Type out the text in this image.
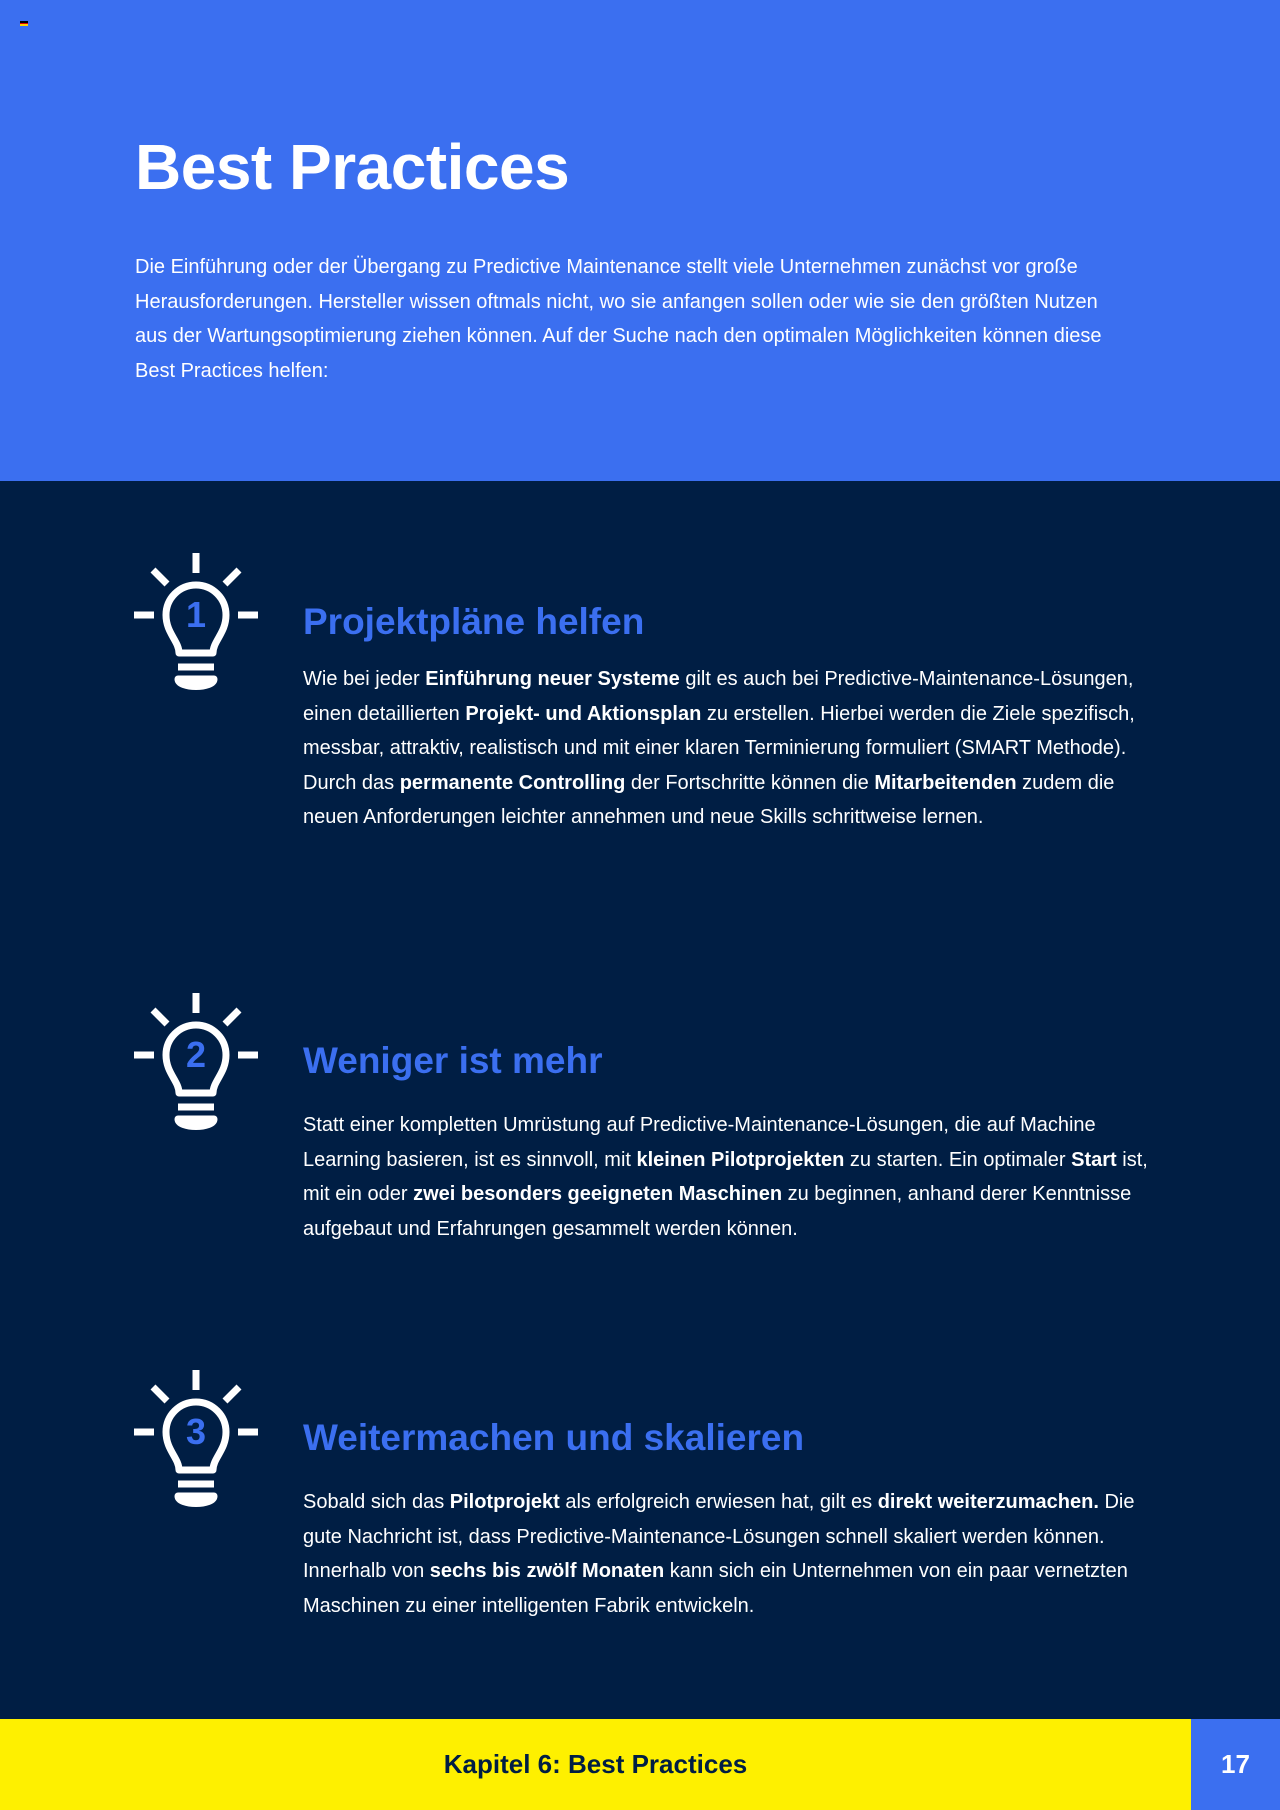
Best Practices

Die Einführung oder der Übergang zu Predictive Maintenance stellt viele Unternehmen zunächst vor große Herausforderungen. Hersteller wissen oftmals nicht, wo sie anfangen sollen oder wie sie den größten Nutzen aus der Wartungsoptimierung ziehen können. Auf der Suche nach den optimalen Möglichkeiten können diese Best Practices helfen:

1	Projektpläne helfen

Wie bei jeder Einführung neuer Systeme gilt es auch bei Predictive-Maintenance-Lösungen, einen detaillierten Projekt- und Aktionsplan zu erstellen. Hierbei werden die Ziele spezifisch, messbar, attraktiv, realistisch und mit einer klaren Terminierung formuliert (SMART Methode). Durch das permanente Controlling der Fortschritte können die Mitarbeitenden zudem die neuen Anforderungen leichter annehmen und neue Skills schrittweise lernen.

2	Weniger ist mehr

Statt einer kompletten Umrüstung auf Predictive-Maintenance-Lösungen, die auf Machine Learning basieren, ist es sinnvoll, mit kleinen Pilotprojekten zu starten. Ein optimaler Start ist, mit ein oder zwei besonders geeigneten Maschinen zu beginnen, anhand derer Kenntnisse aufgebaut und Erfahrungen gesammelt werden können.

3	Weitermachen und skalieren

Sobald sich das Pilotprojekt als erfolgreich erwiesen hat, gilt es direkt weiterzumachen. Die gute Nachricht ist, dass Predictive-Maintenance-Lösungen schnell skaliert werden können. Innerhalb von sechs bis zwölf Monaten kann sich ein Unternehmen von ein paar vernetzten Maschinen zu einer intelligenten Fabrik entwickeln.

Kapitel 6: Best Practices	17
